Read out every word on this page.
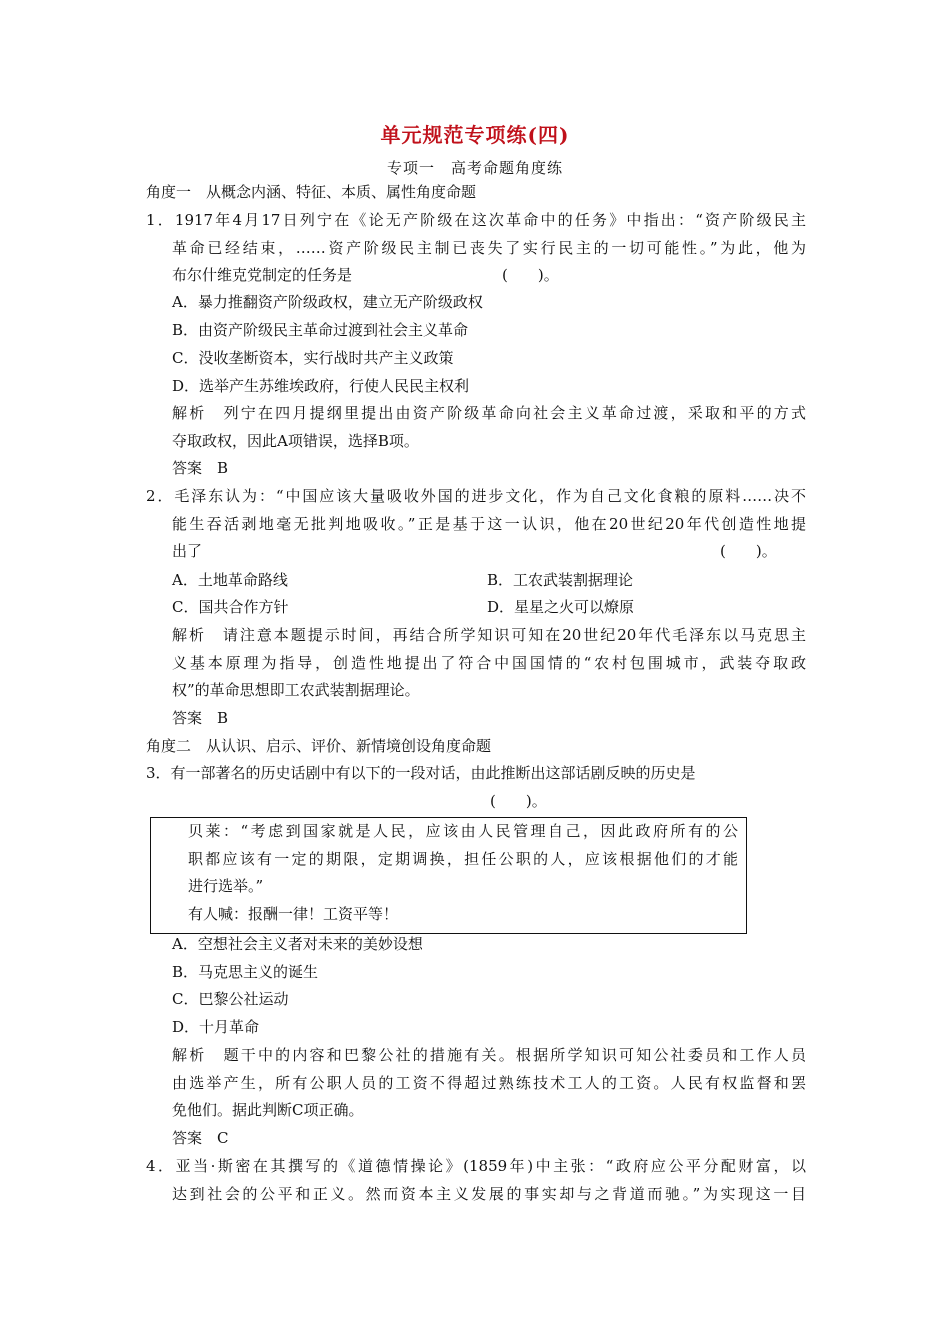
单元规范专项练(四)
专项一　高考命题角度练
角度一　从概念内涵、特征、本质、属性角度命题
1．1917年4月17日列宁在《论无产阶级在这次革命中的任务》中指出：“资产阶级民主
革命已经结束，……资产阶级民主制已丧失了实行民主的一切可能性。”为此，他为
布尔什维克党制定的任务是　　　　　　　　　　(　　)。
A．暴力推翻资产阶级政权，建立无产阶级政权
B．由资产阶级民主革命过渡到社会主义革命
C．没收垄断资本，实行战时共产主义政策
D．选举产生苏维埃政府，行使人民民主权利
解析　列宁在四月提纲里提出由资产阶级革命向社会主义革命过渡，采取和平的方式
夺取政权，因此A项错误，选择B项。
答案　B
2．毛泽东认为：“中国应该大量吸收外国的进步文化，作为自己文化食粮的原料……决不
能生吞活剥地毫无批判地吸收。”正是基于这一认识，他在20世纪20年代创造性地提
出了	(　　)。
A．土地革命路线	B．工农武装割据理论
C．国共合作方针	D．星星之火可以燎原
解析　请注意本题提示时间，再结合所学知识可知在20世纪20年代毛泽东以马克思主
义基本原理为指导，创造性地提出了符合中国国情的“农村包围城市，武装夺取政
权”的革命思想即工农武装割据理论。
答案　B
角度二　从认识、启示、评价、新情境创设角度命题
3．有一部著名的历史话剧中有以下的一段对话，由此推断出这部话剧反映的历史是
(　　)。
贝莱：“考虑到国家就是人民，应该由人民管理自己，因此政府所有的公
职都应该有一定的期限，定期调换，担任公职的人，应该根据他们的才能
进行选举。”
有人喊：报酬一律！工资平等！
A．空想社会主义者对未来的美妙设想
B．马克思主义的诞生
C．巴黎公社运动
D．十月革命
解析　题干中的内容和巴黎公社的措施有关。根据所学知识可知公社委员和工作人员
由选举产生，所有公职人员的工资不得超过熟练技术工人的工资。人民有权监督和罢
免他们。据此判断C项正确。
答案　C
4．亚当·斯密在其撰写的《道德情操论》(1859年)中主张：“政府应公平分配财富，以
达到社会的公平和正义。然而资本主义发展的事实却与之背道而驰。”为实现这一目
